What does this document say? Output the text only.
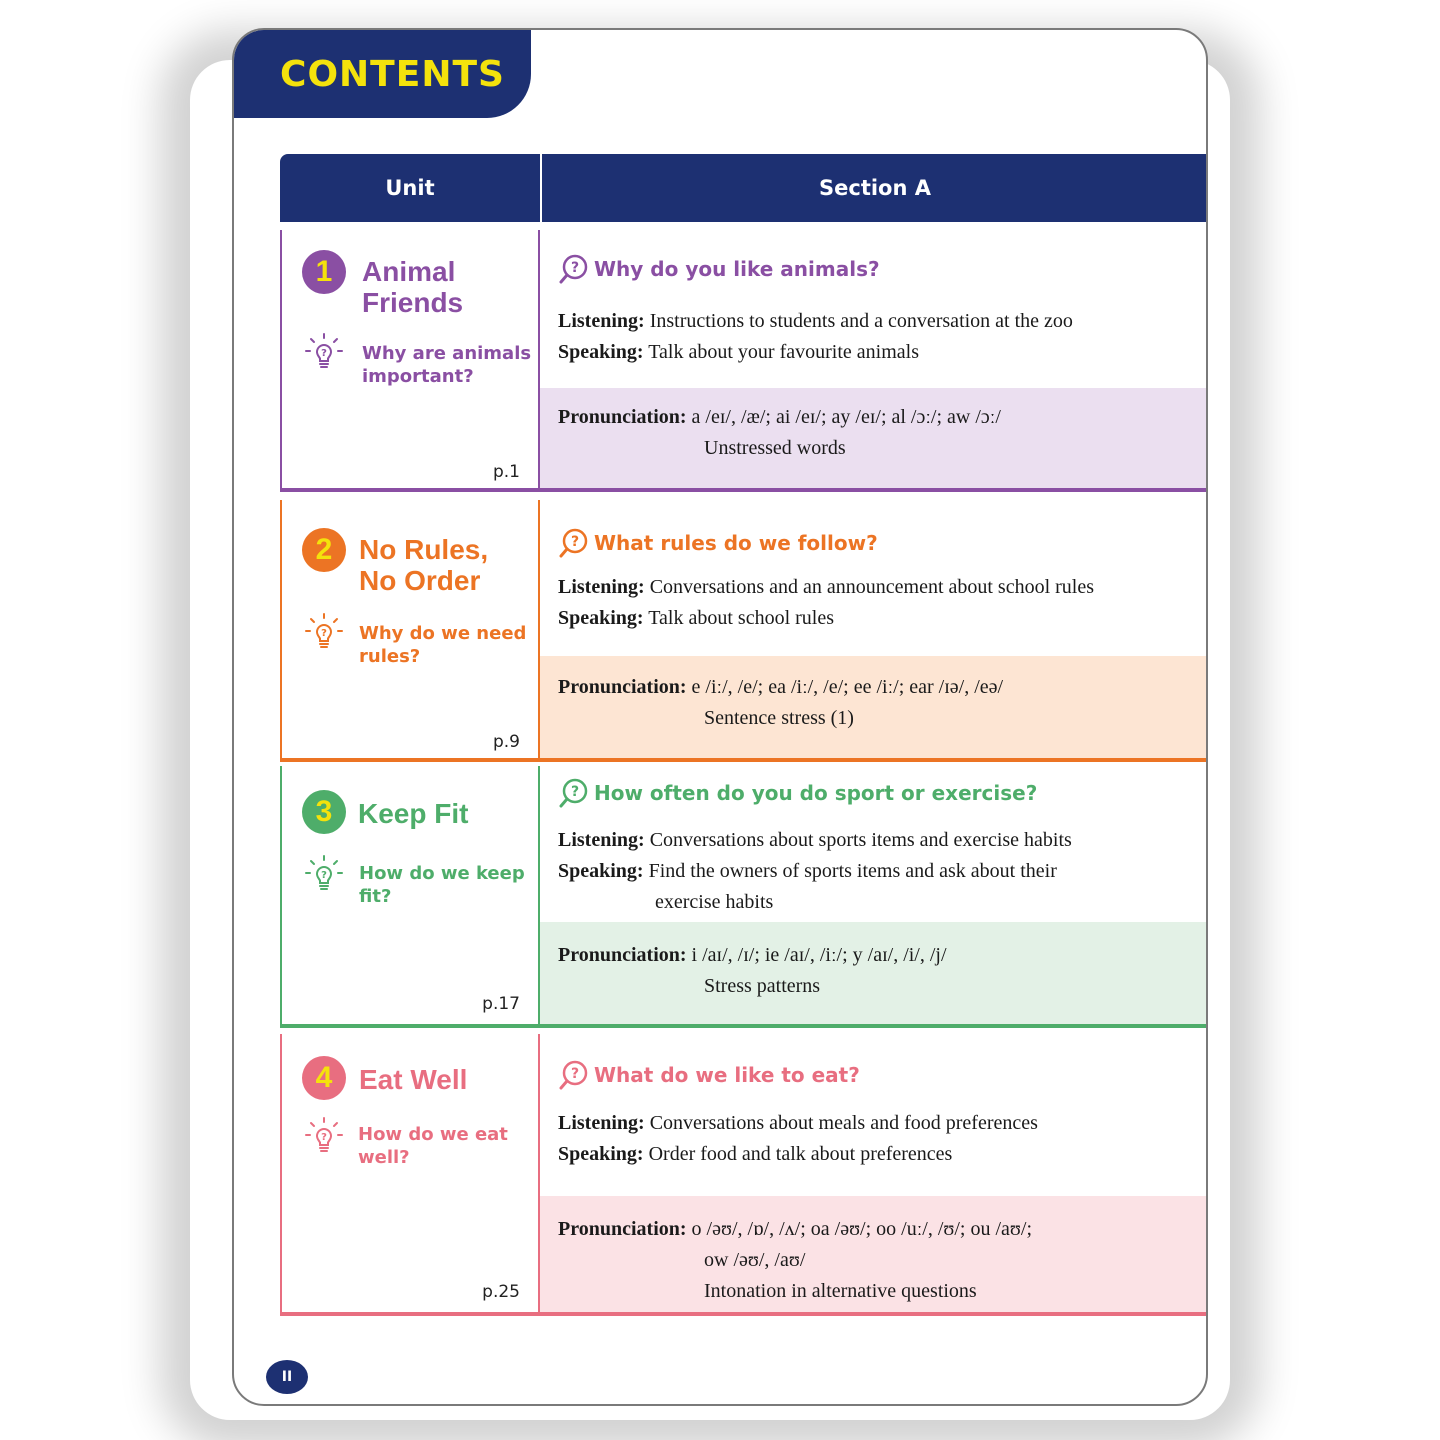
CONTENTS
Unit	Section A
1	Animal
Friends
? Why are animals important?
p.1
? Why do you like animals?
Listening: Instructions to students and a conversation at the zoo
Speaking: Talk about your favourite animals
Pronunciation: a /eɪ/, /æ/; ai /eɪ/; ay /eɪ/; al /ɔː/; aw /ɔː/
Unstressed words
2 No Rules,
No Order
? Why do we need rules?
p.9
? What rules do we follow?
Listening: Conversations and an announcement about school rules
Speaking: Talk about school rules
Pronunciation: e /iː/, /e/; ea /iː/, /e/; ee /iː/; ear /ɪə/, /eə/
Sentence stress (1)
3 Keep Fit
? How do we keep fit?
p.17
? How often do you do sport or exercise?
Listening: Conversations about sports items and exercise habits
Speaking: Find the owners of sports items and ask about their
exercise habits
Pronunciation: i /aɪ/, /ɪ/; ie /aɪ/, /iː/; y /aɪ/, /i/, /j/
Stress patterns
4 Eat Well
? How do we eat well?
p.25
? What do we like to eat?
Listening: Conversations about meals and food preferences
Speaking: Order food and talk about preferences
Pronunciation: o /əʊ/, /ɒ/, /ʌ/; oa /əʊ/; oo /uː/, /ʊ/; ou /aʊ/;
ow /əʊ/, /aʊ/
Intonation in alternative questions
II
